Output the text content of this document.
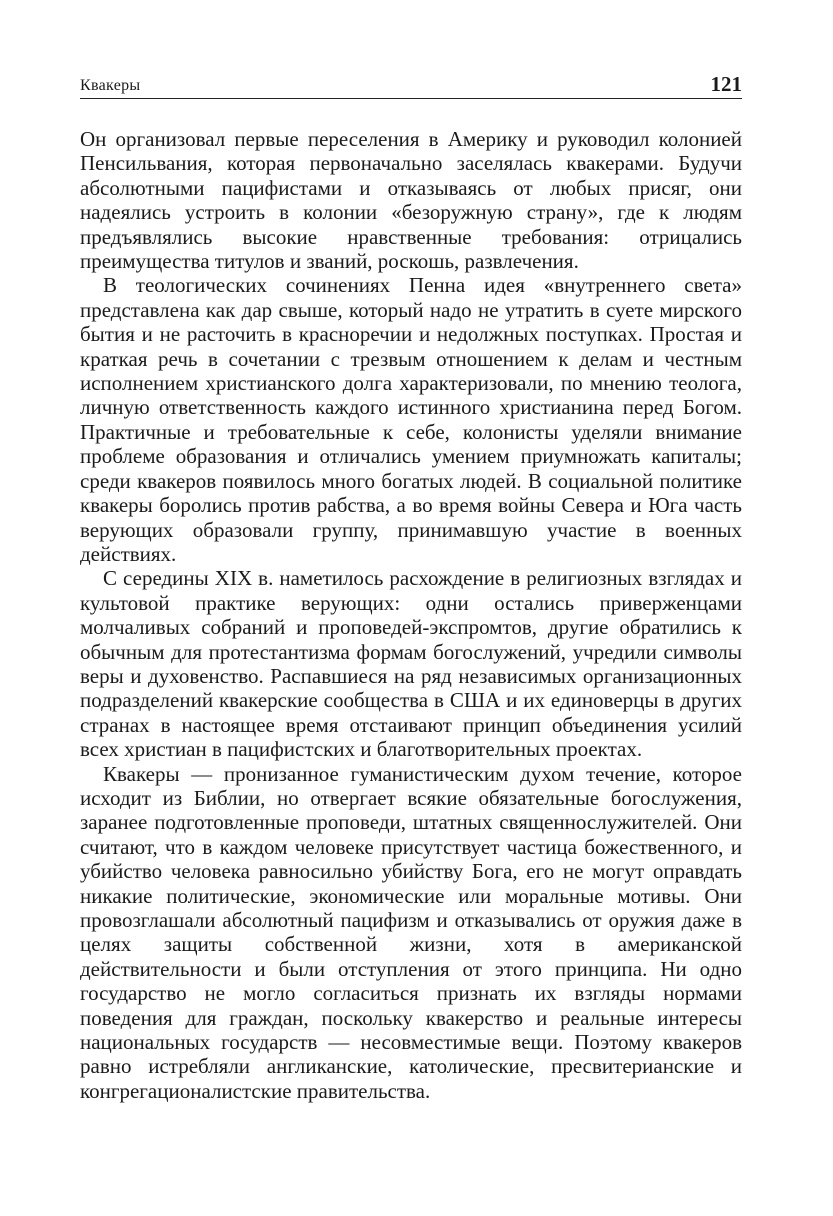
Квакеры	121

Он организовал первые переселения в Америку и руководил колонией Пенсильвания, которая первоначально заселялась квакерами. Будучи абсолютными пацифистами и отказываясь от любых присяг, они надеялись устроить в колонии «безоружную страну», где к людям предъявлялись высокие нравственные требования: отрицались преимущества титулов и званий, роскошь, развлечения.

В теологических сочинениях Пенна идея «внутреннего света» представлена как дар свыше, который надо не утратить в суете мирского бытия и не расточить в красноречии и недолжных поступках. Простая и краткая речь в сочетании с трезвым отношением к делам и честным исполнением христианского долга характеризовали, по мнению теолога, личную ответственность каждого истинного христианина перед Богом. Практичные и требовательные к себе, колонисты уделяли внимание проблеме образования и отличались умением приумножать капиталы; среди квакеров появилось много богатых людей. В социальной политике квакеры боролись против рабства, а во время войны Севера и Юга часть верующих образовали группу, принимавшую участие в военных действиях.

С середины XIX в. наметилось расхождение в религиозных взглядах и культовой практике верующих: одни остались приверженцами молчаливых собраний и проповедей-экспромтов, другие обратились к обычным для протестантизма формам богослужений, учредили символы веры и духовенство. Распавшиеся на ряд независимых организационных подразделений квакерские сообщества в США и их единоверцы в других странах в настоящее время отстаивают принцип объединения усилий всех христиан в пацифистских и благотворительных проектах.

Квакеры — пронизанное гуманистическим духом течение, которое исходит из Библии, но отвергает всякие обязательные богослужения, заранее подготовленные проповеди, штатных священнослужителей. Они считают, что в каждом человеке присутствует частица божественного, и убийство человека равносильно убийству Бога, его не могут оправдать никакие политические, экономические или моральные мотивы. Они провозглашали абсолютный пацифизм и отказывались от оружия даже в целях защиты собственной жизни, хотя в американской действительности и были отступления от этого принципа. Ни одно государство не могло согласиться признать их взгляды нормами поведения для граждан, поскольку квакерство и реальные интересы национальных государств — несовместимые вещи. Поэтому квакеров равно истребляли англиканские, католические, пресвитерианские и конгрегационалистские правительства.
